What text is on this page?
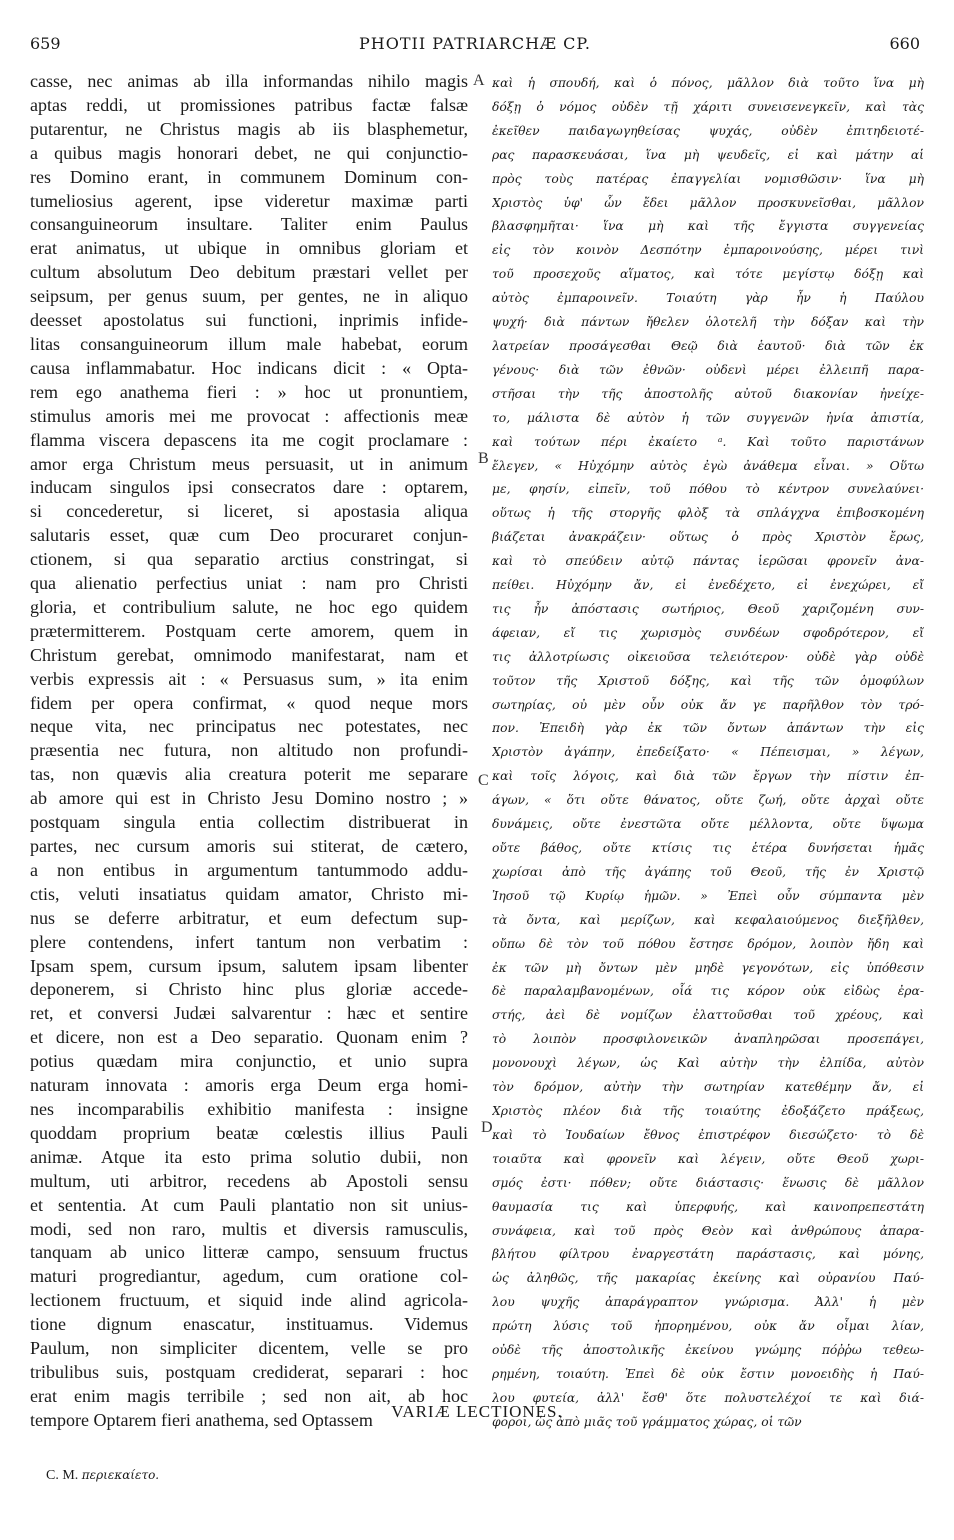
659	PHOTII PATRIARCHÆ CP.	660
casse, nec animas ab illa informandas nihilo magis
aptas reddi, ut promissiones patribus factæ falsæ
putarentur, ne Christus magis ab iis blasphemetur,
a quibus magis honorari debet, ne qui conjunctio-
res Domino erant, in communem Dominum con-
tumeliosius agerent, ipse videretur maximæ parti
consanguineorum insultare. Taliter enim Paulus
erat animatus, ut ubique in omnibus gloriam et
cultum absolutum Deo debitum præstari vellet per
seipsum, per genus suum, per gentes, ne in aliquo
deesset apostolatus sui functioni, inprimis infide-
litas consanguineorum illum male habebat, eorum
causa inflammabatur. Hoc indicans dicit : « Opta-
rem ego anathema fieri : » hoc ut pronuntiem,
stimulus amoris mei me provocat : affectionis meæ
flamma viscera depascens ita me cogit proclamare :
amor erga Christum meus persuasit, ut in animum
inducam singulos ipsi consecratos dare : optarem,
si concederetur, si liceret, si apostasia aliqua
salutaris esset, quæ cum Deo procuraret conjun-
ctionem, si qua separatio arctius constringat, si
qua alienatio perfectius uniat : nam pro Christi
gloria, et contribulium salute, ne hoc ego quidem
prætermitterem. Postquam certe amorem, quem in
Christum gerebat, omnimodo manifestarat, nam et
verbis expressis ait : « Persuasus sum, » ita enim
fidem per opera confirmat, « quod neque mors
neque vita, nec principatus nec potestates, nec
præsentia nec futura, non altitudo non profundi-
tas, non quævis alia creatura poterit me separare
ab amore qui est in Christo Jesu Domino nostro ; »
postquam singula entia collectim distribuerat in
partes, nec cursum amoris sui stiterat, de cætero,
a non entibus in argumentum tantummodo addu-
ctis, veluti insatiatus quidam amator, Christo mi-
nus se deferre arbitratur, et eum defectum sup-
plere contendens, infert tantum non verbatim :
Ipsam spem, cursum ipsum, salutem ipsam libenter
deponerem, si Christo hinc plus gloriæ accede-
ret, et conversi Judæi salvarentur : hæc et sentire
et dicere, non est a Deo separatio. Quonam enim ?
potius quædam mira conjunctio, et unio supra
naturam innovata : amoris erga Deum erga homi-
nes incomparabilis exhibitio manifesta : insigne
quoddam proprium beatæ cœlestis illius Pauli
animæ. Atque ita esto prima solutio dubii, non
multum, uti arbitror, recedens ab Apostoli sensu
et sententia. At cum Pauli plantatio non sit unius-
modi, sed non raro, multis et diversis ramusculis,
tanquam ab unico litteræ campo, sensuum fructus
maturi progrediantur, agedum, cum oratione col-
lectionem fructuum, et siquid inde alind agricola-
tione dignum enascatur, instituamus. Videmus
Paulum, non simpliciter dicentem, velle se pro
tribulibus suis, postquam crediderat, separari : hoc
erat enim magis terribile ; sed non ait, ab hoc
tempore Optarem fieri anathema, sed Optassem
καὶ ἡ σπουδή, καὶ ὁ πόνος, μᾶλλον διὰ τοῦτο ἵνα μὴ
δόξῃ ὁ νόμος οὐδὲν τῇ χάριτι συνεισενεγκεῖν, καὶ τὰς
ἐκεῖθεν παιδαγωγηθείσας ψυχάς, οὐδὲν ἐπιτηδειοτέ-
ρας παρασκευάσαι, ἵνα μὴ ψευδεῖς, εἰ καὶ μάτην αἱ
πρὸς τοὺς πατέρας ἐπαγγελίαι νομισθῶσιν· ἵνα μὴ
Χριστὸς ὑφ' ὧν ἔδει μᾶλλον προσκυνεῖσθαι, μᾶλλον
βλασφημῆται· ἵνα μὴ καὶ τῆς ἔγγιστα συγγενείας
εἰς τὸν κοινὸν Δεσπότην ἐμπαροινούσης, μέρει τινὶ
τοῦ προσεχοῦς αἵματος, καὶ τότε μεγίστῳ δόξῃ καὶ
αὐτὸς ἐμπαροινεῖν. Τοιαύτη γὰρ ἦν ἡ Παύλου
ψυχή· διὰ πάντων ἤθελεν ὁλοτελῆ τὴν δόξαν καὶ τὴν
λατρείαν προσάγεσθαι Θεῷ διὰ ἑαυτοῦ· διὰ τῶν ἐκ
γένους· διὰ τῶν ἐθνῶν· οὐδενὶ μέρει ἐλλειπῆ παρα-
στῆσαι τὴν τῆς ἀποστολῆς αὐτοῦ διακονίαν ἠνείχε-
το, μάλιστα δὲ αὐτὸν ἡ τῶν συγγενῶν ἠνία ἀπιστία,
καὶ τούτων πέρι ἐκαίετο ᵃ. Καὶ τοῦτο παριστάνων
ἔλεγεν, « Ηὐχόμην αὐτὸς ἐγὼ ἀνάθεμα εἶναι. » Οὕτω
με, φησίν, εἰπεῖν, τοῦ πόθου τὸ κέντρον συνελαύνει·
οὕτως ἡ τῆς στοργῆς φλὸξ τὰ σπλάγχνα ἐπιβοσκομένη
βιάζεται ἀνακράζειν· οὕτως ὁ πρὸς Χριστὸν ἔρως,
καὶ τὸ σπεύδειν αὐτῷ πάντας ἱερῶσαι φρονεῖν ἀνα-
πείθει. Ηὐχόμην ἄν, εἰ ἐνεδέχετο, εἰ ἐνεχώρει, εἴ
τις ἦν ἀπόστασις σωτήριος, Θεοῦ χαριζομένη συν-
άφειαν, εἴ τις χωρισμὸς συνδέων σφοδρότερον, εἴ
τις ἀλλοτρίωσις οἰκειοῦσα τελειότερον· οὐδὲ γὰρ οὐδὲ
τοῦτον τῆς Χριστοῦ δόξης, καὶ τῆς τῶν ὁμοφύλων
σωτηρίας, οὐ μὲν οὖν οὐκ ἄν γε παρῆλθον τὸν τρό-
πον. Ἐπειδὴ γὰρ ἐκ τῶν ὄντων ἁπάντων τὴν εἰς
Χριστὸν ἀγάπην, ἐπεδείξατο· « Πέπεισμαι, » λέγων,
καὶ τοῖς λόγοις, καὶ διὰ τῶν ἔργων τὴν πίστιν ἐπ-
άγων, « ὅτι οὔτε θάνατος, οὔτε ζωή, οὔτε ἀρχαὶ οὔτε
δυνάμεις, οὔτε ἐνεστῶτα οὔτε μέλλοντα, οὔτε ὕψωμα
οὔτε βάθος, οὔτε κτίσις τις ἑτέρα δυνήσεται ἡμᾶς
χωρίσαι ἀπὸ τῆς ἀγάπης τοῦ Θεοῦ, τῆς ἐν Χριστῷ
Ἰησοῦ τῷ Κυρίῳ ἡμῶν. » Ἐπεὶ οὖν σύμπαντα μὲν
τὰ ὄντα, καὶ μερίζων, καὶ κεφαλαιούμενος διεξῆλθεν,
οὔπω δὲ τὸν τοῦ πόθου ἔστησε δρόμον, λοιπὸν ἤδη καὶ
ἐκ τῶν μὴ ὄντων μὲν μηδὲ γεγονότων, εἰς ὑπόθεσιν
δὲ παραλαμβανομένων, οἷά τις κόρον οὐκ εἰδὼς ἐρα-
στής, ἀεὶ δὲ νομίζων ἐλαττοῦσθαι τοῦ χρέους, καὶ
τὸ λοιπὸν προσφιλονεικῶν ἀναπληρῶσαι προσεπάγει,
μονονουχὶ λέγων, ὡς Καὶ αὐτὴν τὴν ἐλπίδα, αὐτὸν
τὸν δρόμον, αὐτὴν τὴν σωτηρίαν κατεθέμην ἄν, εἰ
Χριστὸς πλέον διὰ τῆς τοιαύτης ἐδοξάζετο πράξεως,
καὶ τὸ Ἰουδαίων ἔθνος ἐπιστρέφον διεσώζετο· τὸ δὲ
τοιαῦτα καὶ φρονεῖν καὶ λέγειν, οὔτε Θεοῦ χωρι-
σμός ἐστι· πόθεν; οὔτε διάστασις· ἕνωσις δὲ μᾶλλον
θαυμασία τις καὶ ὑπερφυής, καὶ καινοπρεπεστάτη
συνάφεια, καὶ τοῦ πρὸς Θεὸν καὶ ἀνθρώπους ἀπαρα-
βλήτου φίλτρου ἐναργεστάτη παράστασις, καὶ μόνης,
ὡς ἀληθῶς, τῆς μακαρίας ἐκείνης καὶ οὐρανίου Παύ-
λου ψυχῆς ἀπαράγραπτον γνώρισμα. Ἀλλ' ἡ μὲν
πρώτη λύσις τοῦ ἠπορημένου, οὐκ ἄν οἶμαι λίαν,
οὐδὲ τῆς ἀποστολικῆς ἐκείνου γνώμης πόῤῥω τεθεω-
ρημένη, τοιαύτη. Ἐπεὶ δὲ οὐκ ἔστιν μονοειδὴς ἡ Παύ-
λου φυτεία, ἀλλ' ἔσθ' ὅτε πολυστελέχοί τε καὶ διά-
φοροι, ὡς ἀπὸ μιᾶς τοῦ γράμματος χώρας, οἱ τῶν
A
B
C
D
VARIÆ LECTIONES.
C. M. περιεκαίετο.
